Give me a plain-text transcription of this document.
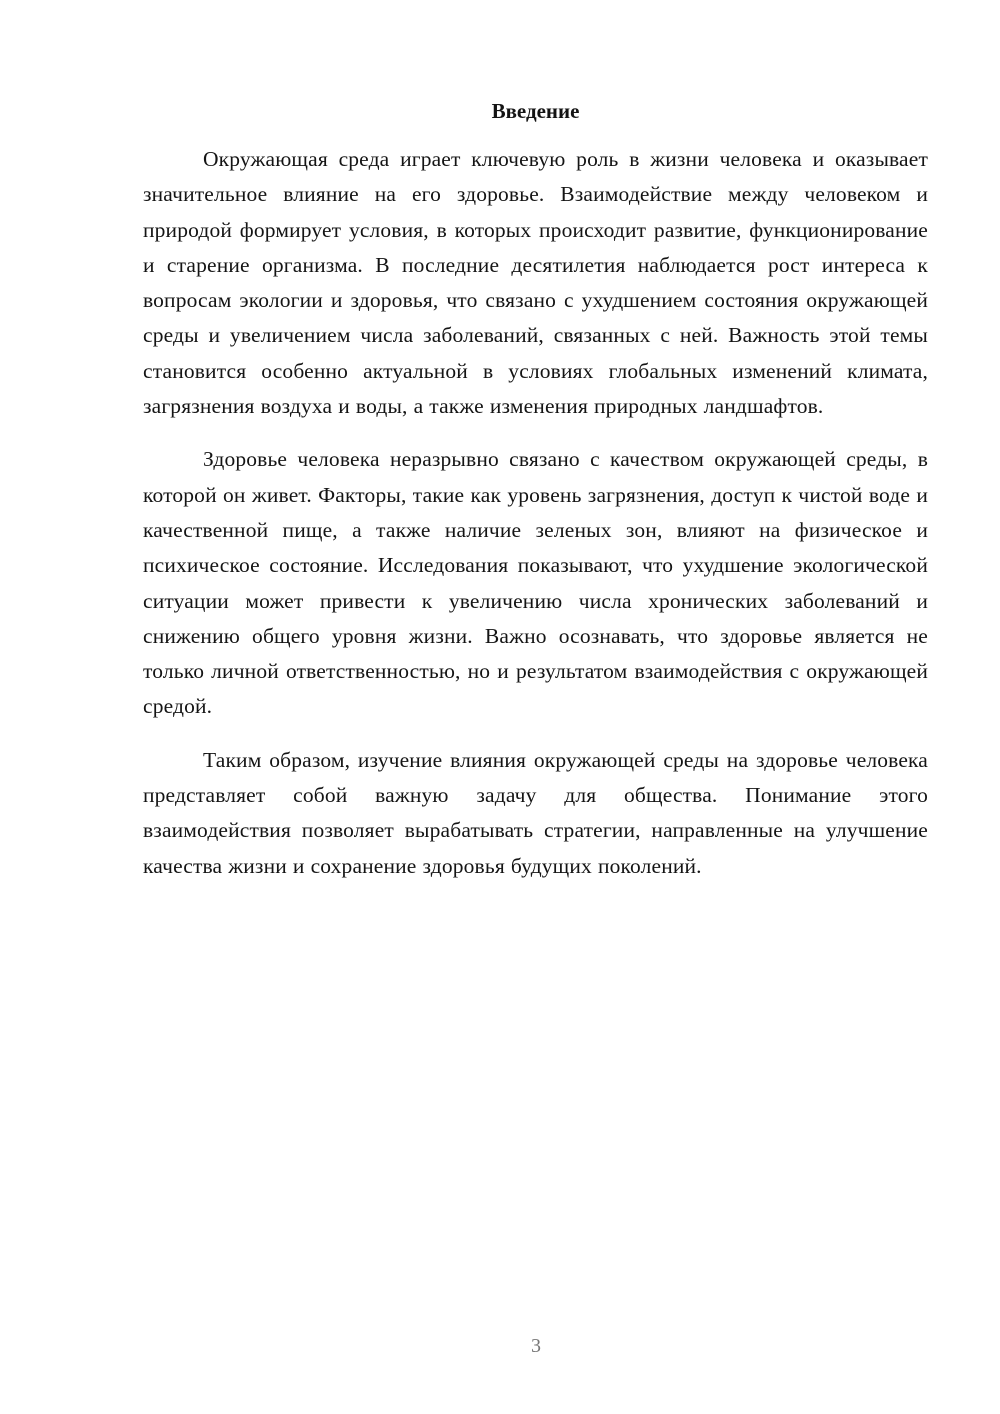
Введение

Окружающая среда играет ключевую роль в жизни человека и оказывает значительное влияние на его здоровье. Взаимодействие между человеком и природой формирует условия, в которых происходит развитие, функционирование и старение организма. В последние десятилетия наблюдается рост интереса к вопросам экологии и здоровья, что связано с ухудшением состояния окружающей среды и увеличением числа заболеваний, связанных с ней. Важность этой темы становится особенно актуальной в условиях глобальных изменений климата, загрязнения воздуха и воды, а также изменения природных ландшафтов.

Здоровье человека неразрывно связано с качеством окружающей среды, в которой он живет. Факторы, такие как уровень загрязнения, доступ к чистой воде и качественной пище, а также наличие зеленых зон, влияют на физическое и психическое состояние. Исследования показывают, что ухудшение экологической ситуации может привести к увеличению числа хронических заболеваний и снижению общего уровня жизни. Важно осознавать, что здоровье является не только личной ответственностью, но и результатом взаимодействия с окружающей средой.

Таким образом, изучение влияния окружающей среды на здоровье человека представляет собой важную задачу для общества. Понимание этого взаимодействия позволяет вырабатывать стратегии, направленные на улучшение качества жизни и сохранение здоровья будущих поколений.

3
